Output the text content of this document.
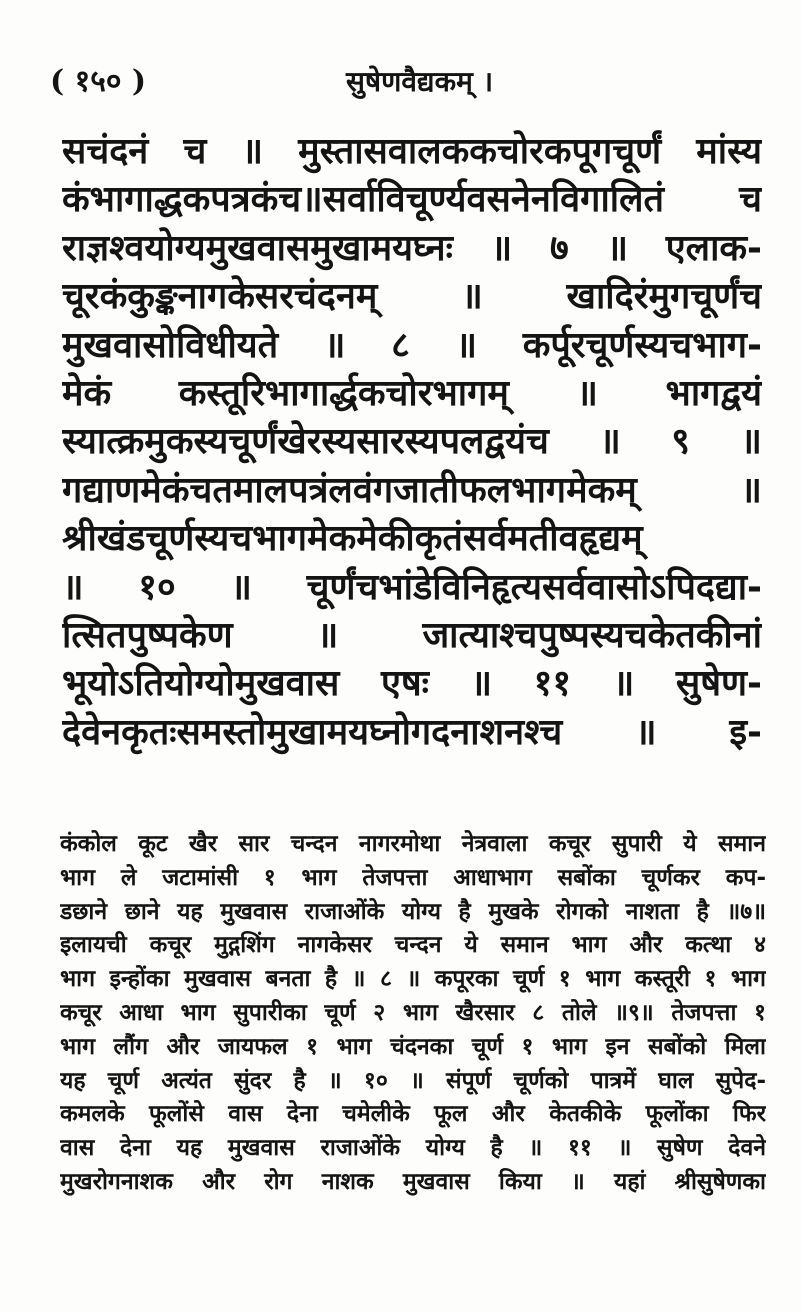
( १५० )	सुषेणवैद्यकम् ।
सचंदनं च ॥ मुस्तासवालककचोरकपूगचूर्णं मांस्य
कंभागाद्धकपत्रकंच॥सर्वाविचूर्ण्यवसनेनविगालितं च
राज्ञश्वयोग्यमुखवासमुखामयघ्नः ॥ ७ ॥ एलाक-
चूरकंकुङ्कनागकेसरचंदनम् ॥ खादिरंमुगचूर्णंच
मुखवासोविधीयते ॥ ८ ॥ कर्पूरचूर्णस्यचभाग-
मेकं कस्तूरिभागार्द्धकचोरभागम् ॥ भागद्वयं
स्यात्क्रमुकस्यचूर्णंखेरस्यसारस्यपलद्वयंच ॥ ९ ॥
गद्याणमेकंचतमालपत्रंलवंगजातीफलभागमेकम् ॥
श्रीखंडचूर्णस्यचभागमेकमेकीकृतंसर्वमतीवहृद्यम्
॥ १० ॥ चूर्णंचभांडेविनिहृत्यसर्ववासोऽपिदद्या-
त्सितपुष्पकेण ॥ जात्याश्चपुष्पस्यचकेतकीनां
भूयोऽतियोग्योमुखवास एषः ॥ ११ ॥ सुषेण-
देवेनकृतःसमस्तोमुखामयघ्नोगदनाशनश्च ॥ इ-
कंकोल कूट खैर सार चन्दन नागरमोथा नेत्रवाला कचूर सुपारी ये समान
भाग ले जटामांसी १ भाग तेजपत्ता आधाभाग सबोंका चूर्णकर कप-
डछाने छाने यह मुखवास राजाओंके योग्य है मुखके रोगको नाशता है ॥७॥
इलायची कचूर मुद्गशिंग नागकेसर चन्दन ये समान भाग और कत्था ४
भाग इन्होंका मुखवास बनता है ॥ ८ ॥ कपूरका चूर्ण १ भाग कस्तूरी १ भाग
कचूर आधा भाग सुपारीका चूर्ण २ भाग खैरसार ८ तोले ॥९॥ तेजपत्ता १
भाग लौंग और जायफल १ भाग चंदनका चूर्ण १ भाग इन सबोंको मिला
यह चूर्ण अत्यंत सुंदर है ॥ १० ॥ संपूर्ण चूर्णको पात्रमें घाल सुपेद-
कमलके फूलोंसे वास देना चमेलीके फूल और केतकीके फूलोंका फिर
वास देना यह मुखवास राजाओंके योग्य है ॥ ११ ॥ सुषेण देवने
मुखरोगनाशक और रोग नाशक मुखवास किया ॥ यहां श्रीसुषेणका
